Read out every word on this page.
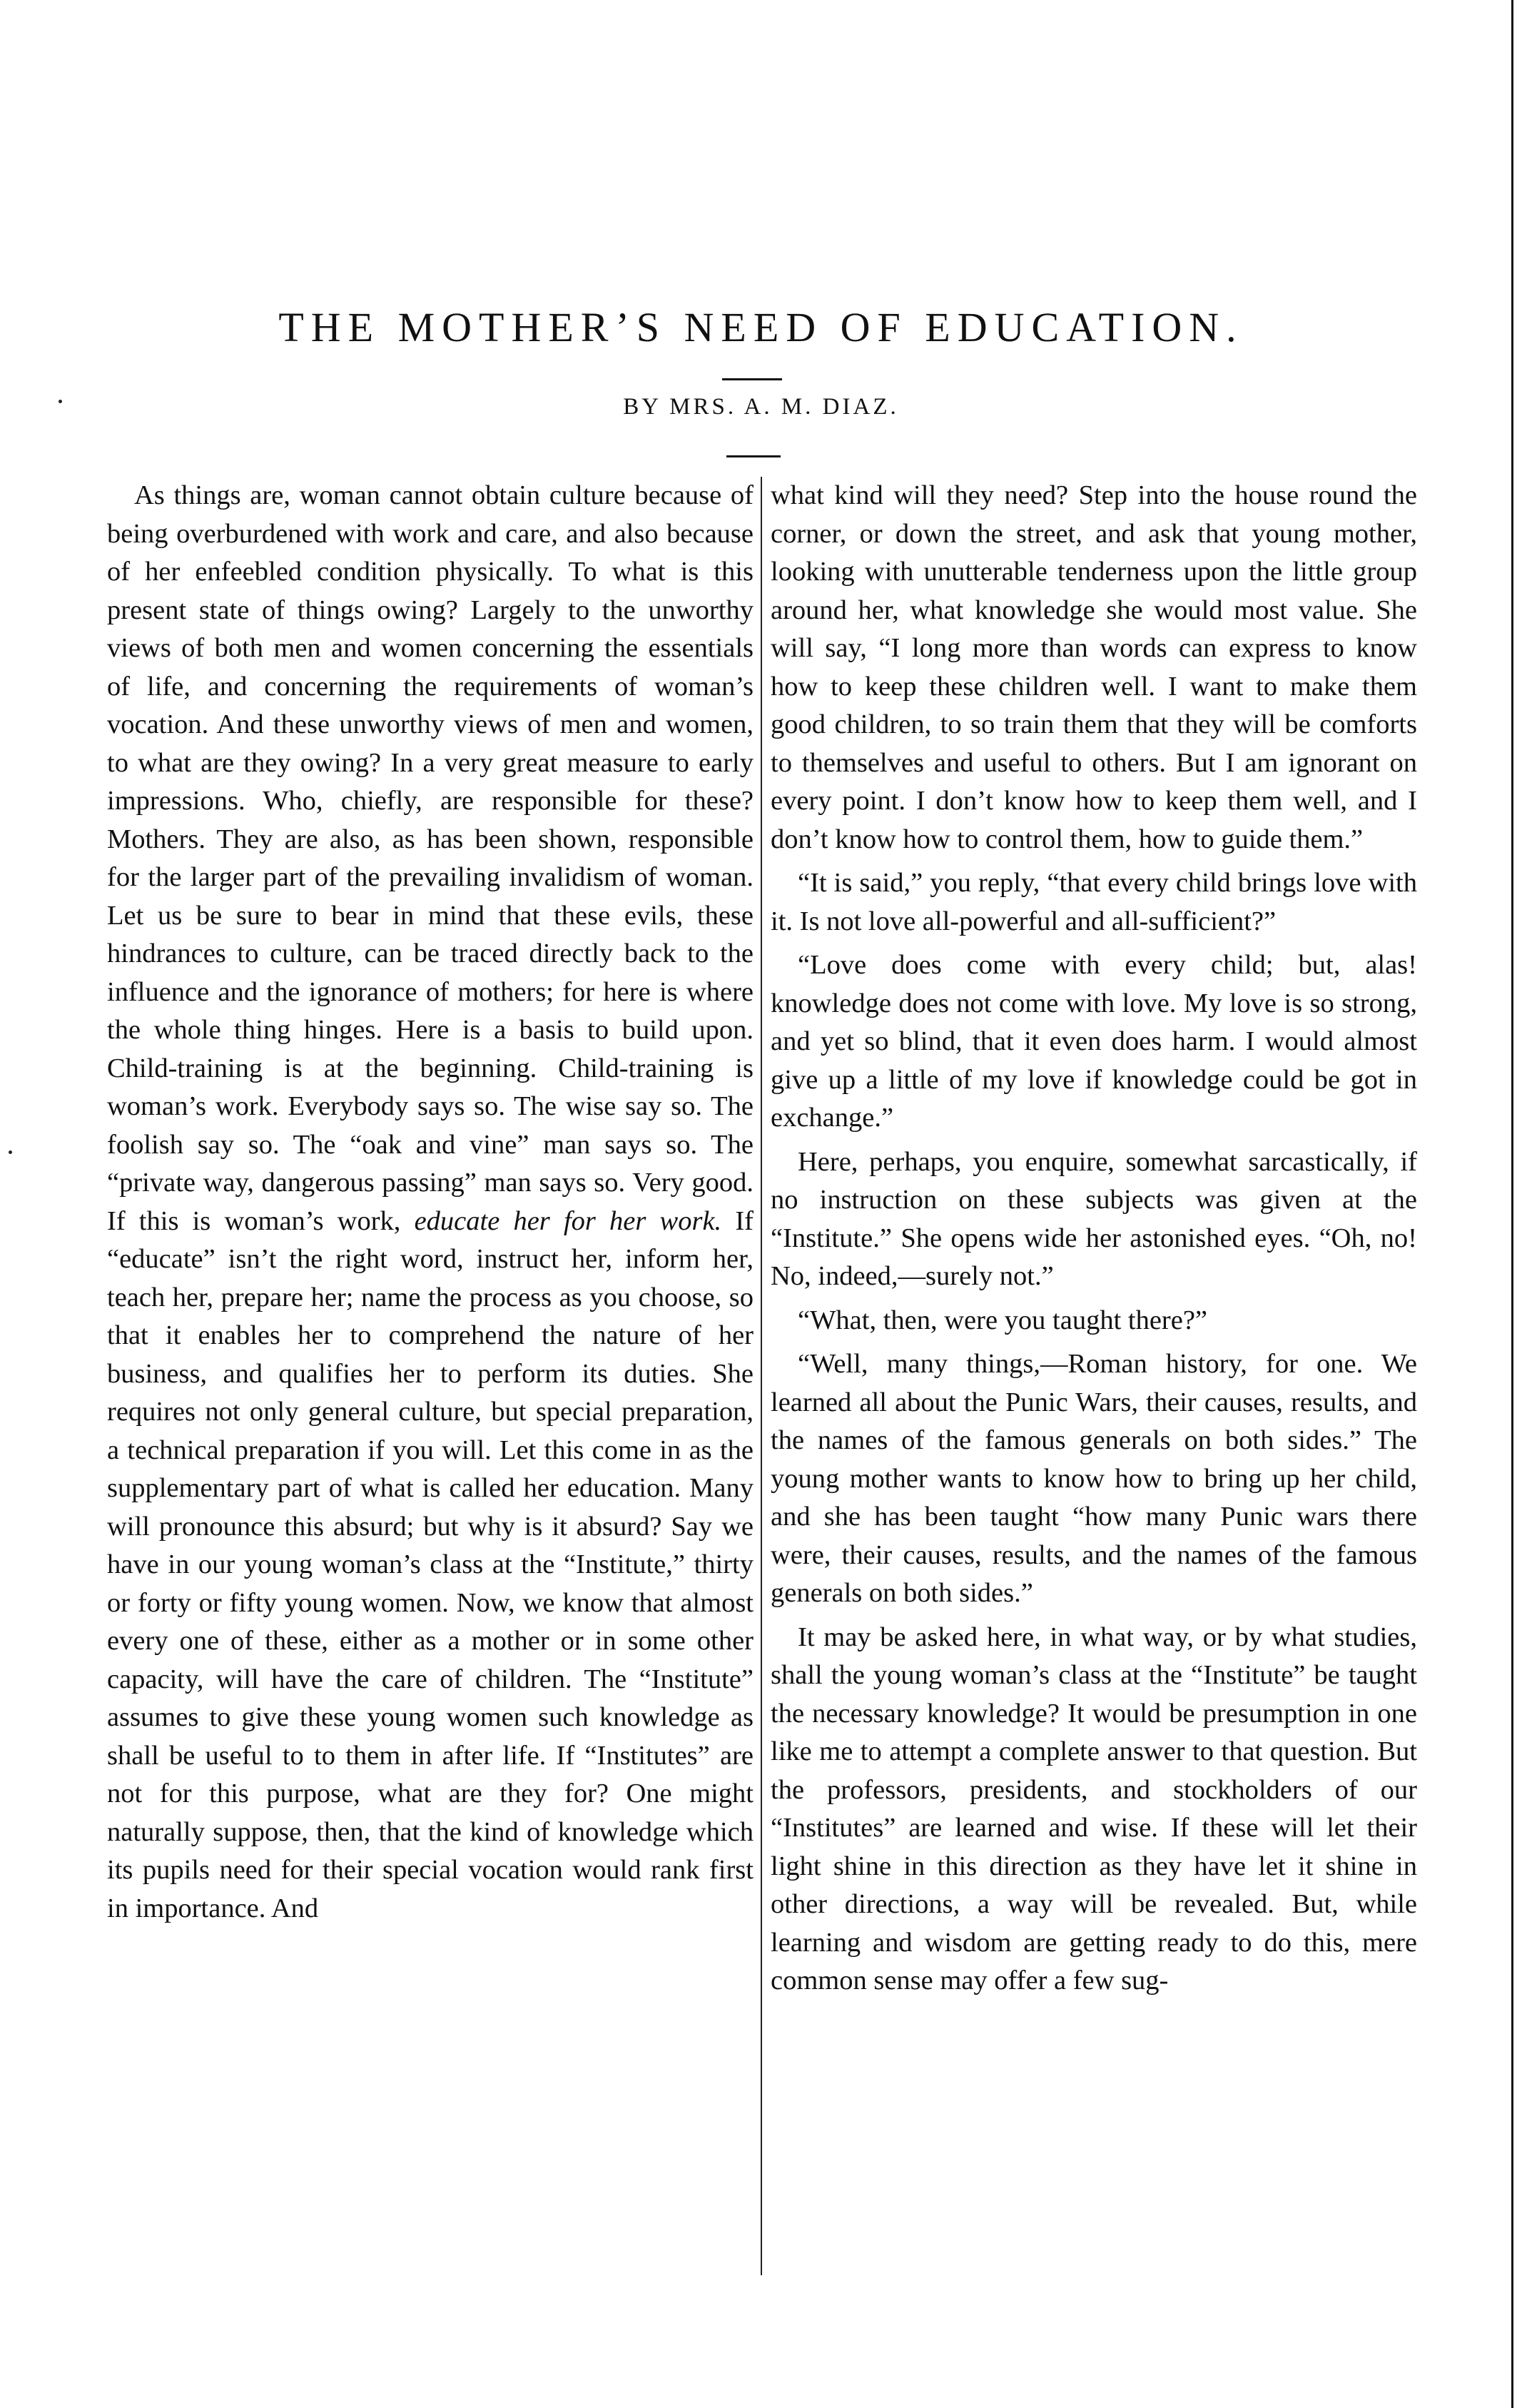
THE MOTHER’S NEED OF EDUCATION.

BY MRS. A. M. DIAZ.

As things are, woman cannot obtain culture because of being overburdened with work and care, and also because of her enfeebled condition physically. To what is this present state of things owing? Largely to the unworthy views of both men and women concerning the essentials of life, and concerning the requirements of woman’s vocation. And these unworthy views of men and women, to what are they owing? In a very great measure to early impressions. Who, chiefly, are responsible for these? Mothers. They are also, as has been shown, responsible for the larger part of the prevailing invalidism of woman. Let us be sure to bear in mind that these evils, these hindrances to culture, can be traced directly back to the influence and the ignorance of mothers; for here is where the whole thing hinges. Here is a basis to build upon. Child-training is at the beginning. Child-training is woman’s work. Everybody says so. The wise say so. The foolish say so. The “oak and vine” man says so. The “private way, dangerous passing” man says so. Very good. If this is woman’s work, educate her for her work. If “educate” isn’t the right word, instruct her, inform her, teach her, prepare her; name the process as you choose, so that it enables her to comprehend the nature of her business, and qualifies her to perform its duties. She requires not only general culture, but special preparation, a technical preparation if you will. Let this come in as the supplementary part of what is called her education. Many will pronounce this absurd; but why is it absurd? Say we have in our young woman’s class at the “Institute,” thirty or forty or fifty young women. Now, we know that almost every one of these, either as a mother or in some other capacity, will have the care of children. The “Institute” assumes to give these young women such knowledge as shall be useful to to them in after life. If “Institutes” are not for this purpose, what are they for? One might naturally suppose, then, that the kind of knowledge which its pupils need for their special vocation would rank first in importance. And

what kind will they need? Step into the house round the corner, or down the street, and ask that young mother, looking with unutterable tenderness upon the little group around her, what knowledge she would most value. She will say, “I long more than words can express to know how to keep these children well. I want to make them good children, to so train them that they will be comforts to themselves and useful to others. But I am ignorant on every point. I don’t know how to keep them well, and I don’t know how to control them, how to guide them.”

“It is said,” you reply, “that every child brings love with it. Is not love all-powerful and all-sufficient?”

“Love does come with every child; but, alas! knowledge does not come with love. My love is so strong, and yet so blind, that it even does harm. I would almost give up a little of my love if knowledge could be got in exchange.”

Here, perhaps, you enquire, somewhat sarcastically, if no instruction on these subjects was given at the “Institute.” She opens wide her astonished eyes. “Oh, no! No, indeed,—surely not.”

“What, then, were you taught there?”

“Well, many things,—Roman history, for one. We learned all about the Punic Wars, their causes, results, and the names of the famous generals on both sides.” The young mother wants to know how to bring up her child, and she has been taught “how many Punic wars there were, their causes, results, and the names of the famous generals on both sides.”

It may be asked here, in what way, or by what studies, shall the young woman’s class at the “Institute” be taught the necessary knowledge? It would be presumption in one like me to attempt a complete answer to that question. But the professors, presidents, and stockholders of our “Institutes” are learned and wise. If these will let their light shine in this direction as they have let it shine in other directions, a way will be revealed. But, while learning and wisdom are getting ready to do this, mere common sense may offer a few sug-
